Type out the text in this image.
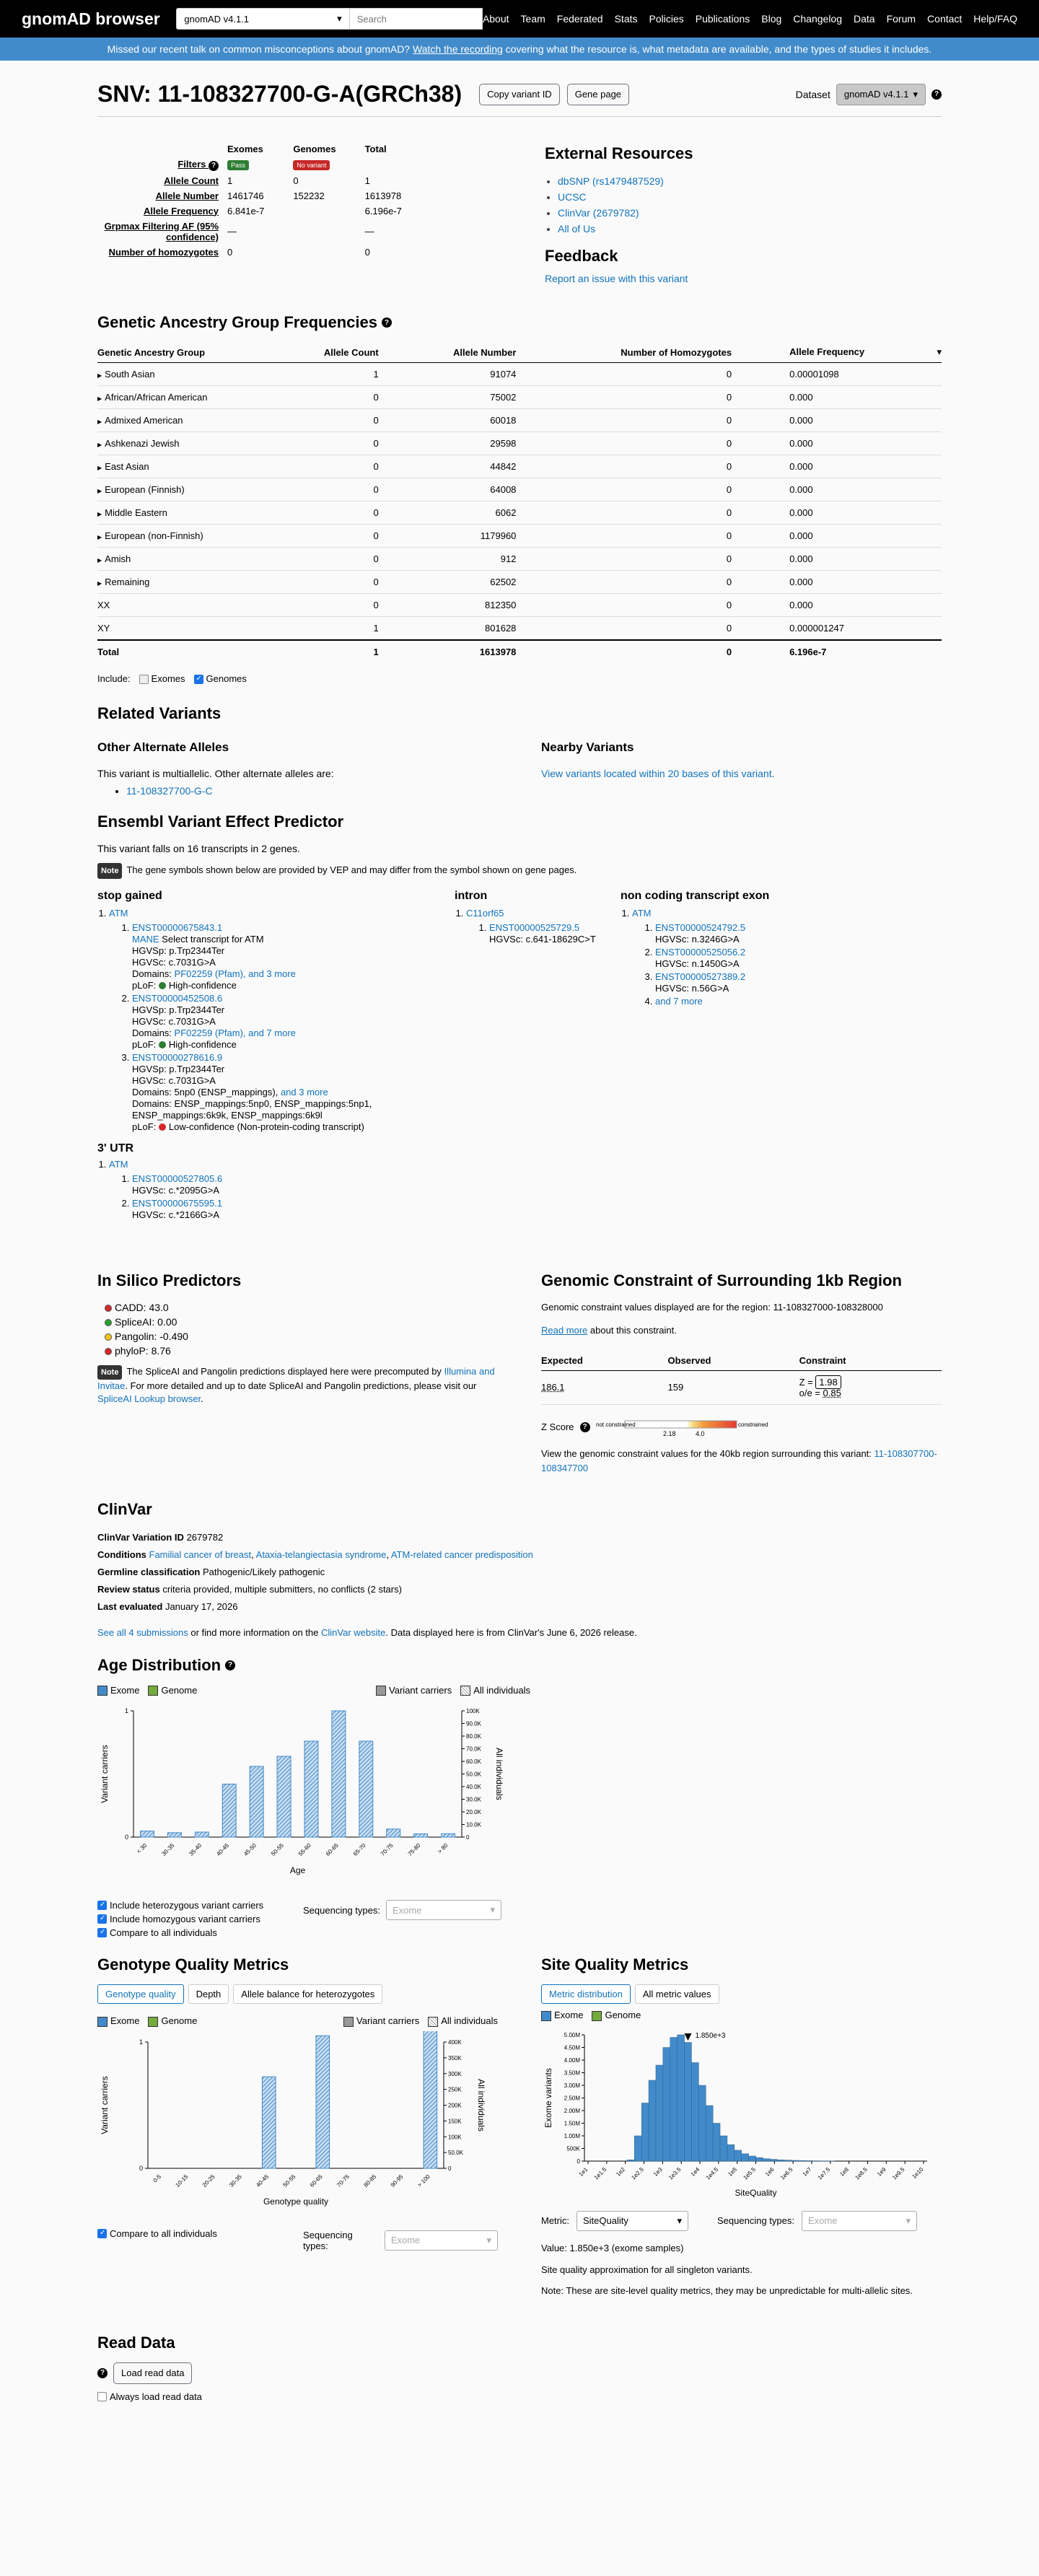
gnomAD browser	gnomAD v4.1.1	▾	Search	About Team Federated Stats Policies Publications Blog Changelog Data Forum Contact Help/FAQ
Missed our recent talk on common misconceptions about gnomAD? Watch the recording covering what the resource is, what metadata are available, and the types of studies it includes.
SNV: 11-108327700-G-A(GRCh38)	Copy variant ID	Gene page	Dataset gnomAD v4.1.1 ▾	?
	Exomes	Genomes	Total
Filters ?	Pass	No variant	
Allele Count	1	0	1
Allele Number	1461746	152232	1613978
Allele Frequency	6.841e-7		6.196e-7
Grpmax Filtering AF (95% confidence)	—		—
Number of homozygotes	0		0
External Resources
• dbSNP (rs1479487529)
• UCSC
• ClinVar (2679782)
• All of Us
Feedback
Report an issue with this variant
Genetic Ancestry Group Frequencies ?
Genetic Ancestry Group	Allele Count	Allele Number	Number of Homozygotes	Allele Frequency ▾

▶ South Asian	1	91074	0	0.00001098
▶ African/African American	0	75002	0	0.000
▶ Admixed American	0	60018	0	0.000
▶ Ashkenazi Jewish	0	29598	0	0.000
▶ East Asian	0	44842	0	0.000
▶ European (Finnish)	0	64008	0	0.000
▶ Middle Eastern	0	6062	0	0.000
▶ European (non-Finnish)	0	1179960	0	0.000
▶ Amish	0	912	0	0.000
▶ Remaining	0	62502	0	0.000
XX	0	812350	0	0.000
XY	1	801628	0	0.000001247
Total	1	1613978	0	6.196e-7
Include:	Exomes ✓	Genomes
Related Variants
Other Alternate Alleles

This variant is multiallelic. Other alternate alleles are:

• 11-108327700-G-C
Nearby Variants

View variants located within 20 bases of this variant.

Ensembl Variant Effect Predictor

This variant falls on 16 transcripts in 2 genes.

Note The gene symbols shown below are provided by VEP and may differ from the symbol shown on gene pages.

stop gained
1. ATM
1. ENST00000675843.1
MANE Select transcript for ATM
HGVSp: p.Trp2344Ter
HGVSc: c.7031G>A
Domains: PF02259 (Pfam), and 3 more
pLoF: High-confidence
2. ENST00000452508.6
HGVSp: p.Trp2344Ter
HGVSc: c.7031G>A
Domains: PF02259 (Pfam), and 7 more
pLoF: High-confidence
3. ENST00000278616.9
HGVSp: p.Trp2344Ter
HGVSc: c.7031G>A
Domains: 5np0 (ENSP_mappings), and 3 more
Domains: ENSP_mappings:5np0, ENSP_mappings:5np1, ENSP_mappings:6k9k, ENSP_mappings:6k9l
pLoF: Low-confidence (Non-protein-coding transcript)
3' UTR
1. ATM
1. ENST00000527805.6
HGVSc: c.*2095G>A
2. ENST00000675595.1
HGVSc: c.*2166G>A
intron
1. C11orf65
1. ENST00000525729.5
HGVSc: c.641-18629C>T
non coding transcript exon
1. ATM
1. ENST00000524792.5
HGVSc: n.3246G>A
2. ENST00000525056.2
HGVSc: n.1450G>A
3. ENST00000527389.2
HGVSc: n.56G>A
4. and 7 more
In Silico Predictors
CADD: 43.0
SpliceAI: 0.00
Pangolin: -0.490
phyloP: 8.76

Note The SpliceAI and Pangolin predictions displayed here were precomputed by Illumina and Invitae. For more detailed and up to date SpliceAI and Pangolin predictions, please visit our SpliceAI Lookup browser.

Genomic Constraint of Surrounding 1kb Region

Genomic constraint values displayed are for the region: 11-108327000-108328000

Read more about this constraint.

Expected	Observed	Constraint
186.1	159	Z = 1.98
o/e = 0.85
Z Score	?	not constrained	constrained
2.18	4.0

View the genomic constraint values for the 40kb region surrounding this variant: 11-108307700-108347700

ClinVar
ClinVar Variation ID 2679782
Conditions Familial cancer of breast, Ataxia-telangiectasia syndrome, ATM-related cancer predisposition
Germline classification Pathogenic/Likely pathogenic
Review status criteria provided, multiple submitters, no conflicts (2 stars)
Last evaluated January 17, 2026
See all 4 submissions or find more information on the ClinVar website. Data displayed here is from ClinVar's June 6, 2026 release.
Age Distribution ?
Exome	Genome	Variant carriers	All individuals
0
1
0
10.0K
20.0K
30.0K
40.0K
50.0K
60.0K
70.0K
80.0K
90.0K
100K
< 30 30-35 35-40 40-45 45-50 50-55 55-60 60-65 65-70 70-75 75-80	> 80
Age
Variant carriers	All individuals
✓
Include heterozygous variant carriers
✓
Include homozygous variant carriers
✓
Compare to all individuals
Sequencing types: Exome	▾
Genotype Quality Metrics
Genotype quality	Depth	Allele balance for heterozygotes
Exome	Genome	Variant carriers	All individuals
0
1
0
50.0K
100K
150K
200K
250K
300K
350K
400K
0-5 10-15 20-25 30-35 40-45 50-55 60-65 70-75 80-85 90-95 > 100
Genotype quality
Variant carriers	All individuals
✓
Compare to all individuals	Sequencing types:	Exome	▾
Site Quality Metrics
Metric distribution	All metric values
Exome	Genome
0
500K
1.00M
1.50M
2.00M
2.50M
3.00M
3.50M
4.00M
4.50M
5.00M
1e1 1e1.5 1e2 1e2.5 1e3 1e3.5 1e4 1e4.5 1e5 1e5.5 1e6 1e6.5 1e7 1e7.5 1e8 1e8.5 1e9 1e9.5 1e10
1.850e+3
SiteQuality
Exome variants
Metric: SiteQuality	▾	Sequencing types: Exome	▾

Value: 1.850e+3 (exome samples)

Site quality approximation for all singleton variants.

Note: These are site-level quality metrics, they may be unpredictable for multi-allelic sites.

Read Data
?	Load read data
Always load read data
